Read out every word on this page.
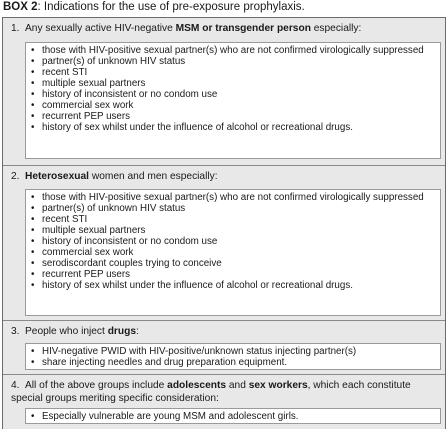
BOX 2: Indications for the use of pre-exposure prophylaxis.
1. Any sexually active HIV-negative MSM or transgender person especially:
• those with HIV-positive sexual partner(s) who are not confirmed virologically suppressed
• partner(s) of unknown HIV status
• recent STI
• multiple sexual partners
• history of inconsistent or no condom use
• commercial sex work
• recurrent PEP users
• history of sex whilst under the influence of alcohol or recreational drugs.
2. Heterosexual women and men especially:
• those with HIV-positive sexual partner(s) who are not confirmed virologically suppressed
• partner(s) of unknown HIV status
• recent STI
• multiple sexual partners
• history of inconsistent or no condom use
• commercial sex work
• serodiscordant couples trying to conceive
• recurrent PEP users
• history of sex whilst under the influence of alcohol or recreational drugs.
3. People who inject drugs:
• HIV-negative PWID with HIV-positive/unknown status injecting partner(s)
• share injecting needles and drug preparation equipment.
4. All of the above groups include adolescents and sex workers, which each constitute special groups meriting specific consideration:
• Especially vulnerable are young MSM and adolescent girls.
